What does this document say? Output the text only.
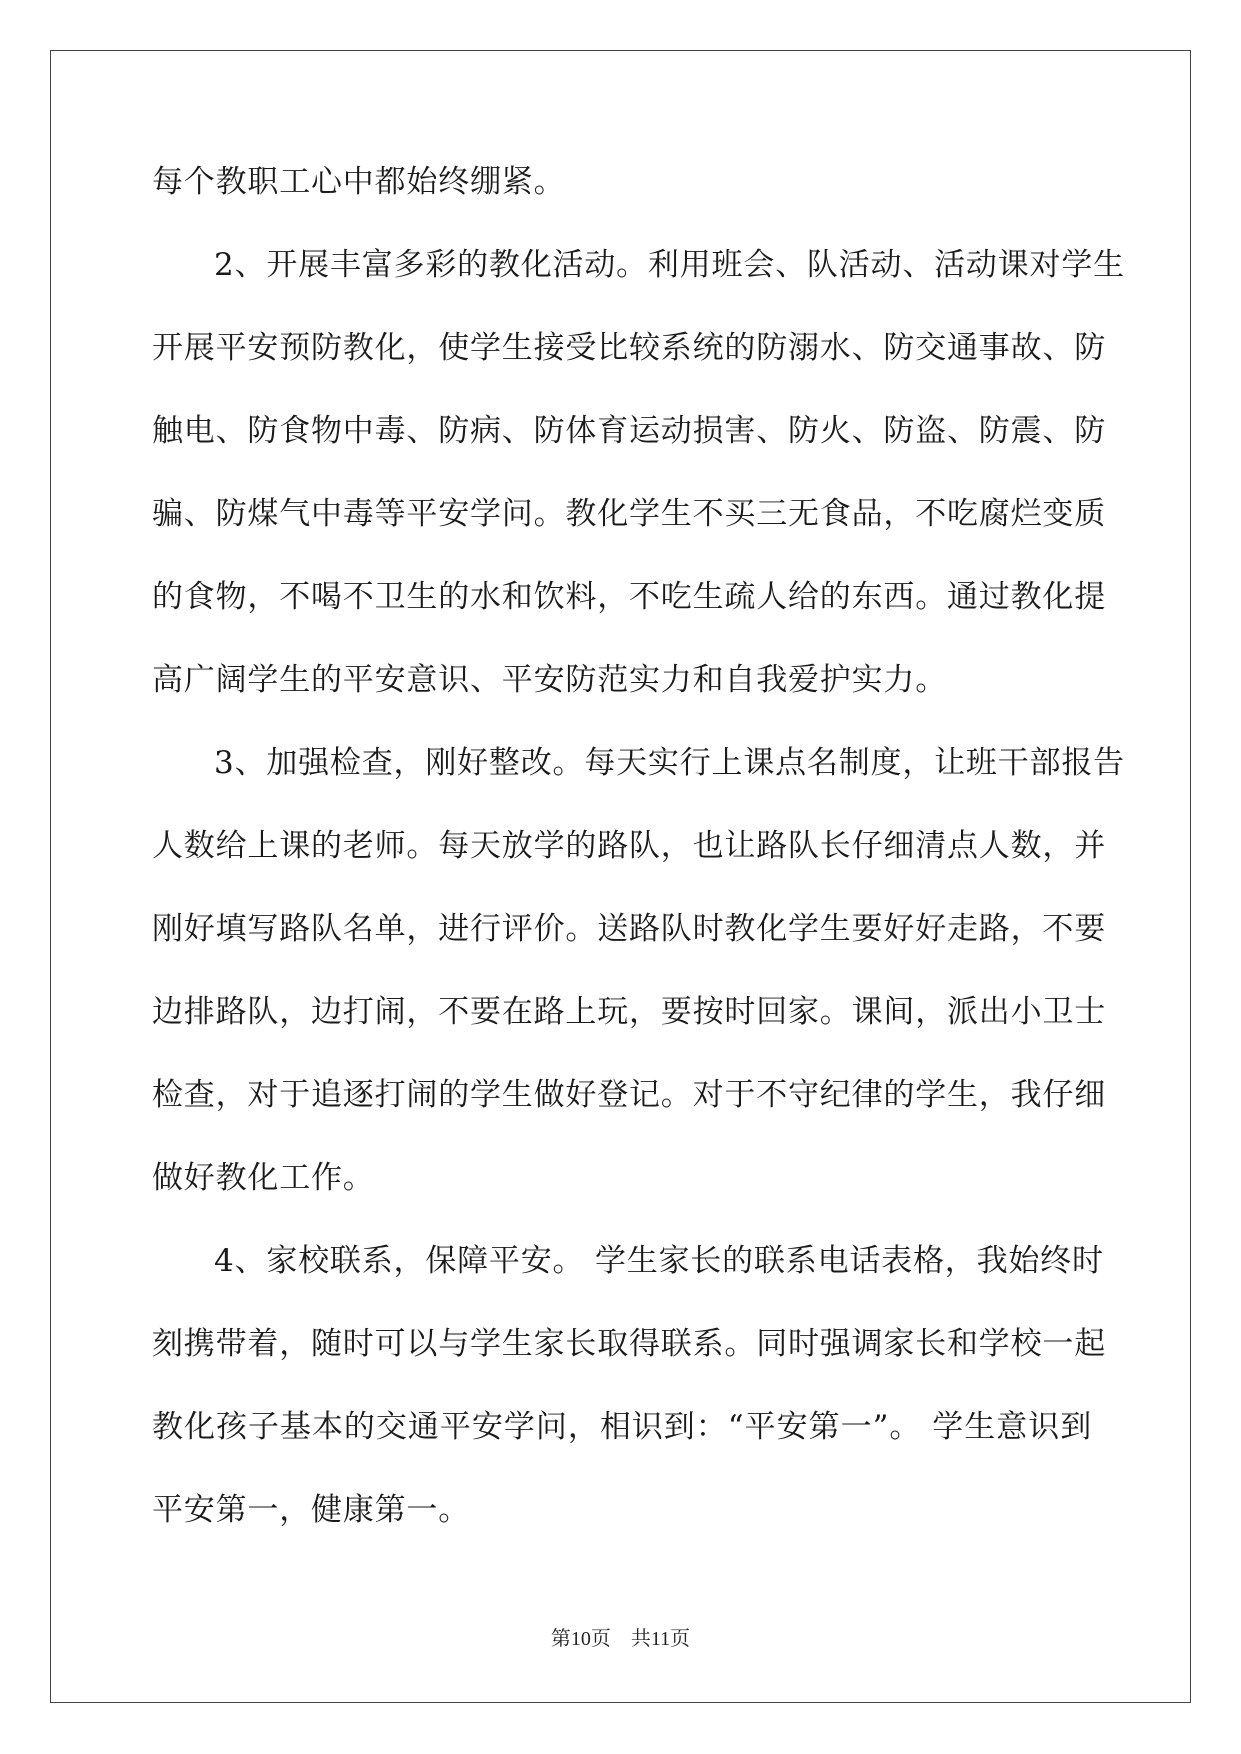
每个教职工心中都始终绷紧。
2、开展丰富多彩的教化活动。利用班会、队活动、活动课对学生
开展平安预防教化，使学生接受比较系统的防溺水、防交通事故、防
触电、防食物中毒、防病、防体育运动损害、防火、防盗、防震、防
骗、防煤气中毒等平安学问。教化学生不买三无食品，不吃腐烂变质
的食物，不喝不卫生的水和饮料，不吃生疏人给的东西。通过教化提
高广阔学生的平安意识、平安防范实力和自我爱护实力。
3、加强检查，刚好整改。每天实行上课点名制度，让班干部报告
人数给上课的老师。每天放学的路队，也让路队长仔细清点人数，并
刚好填写路队名单，进行评价。送路队时教化学生要好好走路，不要
边排路队，边打闹，不要在路上玩，要按时回家。课间，派出小卫士
检查，对于追逐打闹的学生做好登记。对于不守纪律的学生，我仔细
做好教化工作。
4、家校联系，保障平安。 学生家长的联系电话表格，我始终时
刻携带着，随时可以与学生家长取得联系。同时强调家长和学校一起
教化孩子基本的交通平安学问，相识到：“平安第一”。 学生意识到
平安第一，健康第一。
第10页　共11页
